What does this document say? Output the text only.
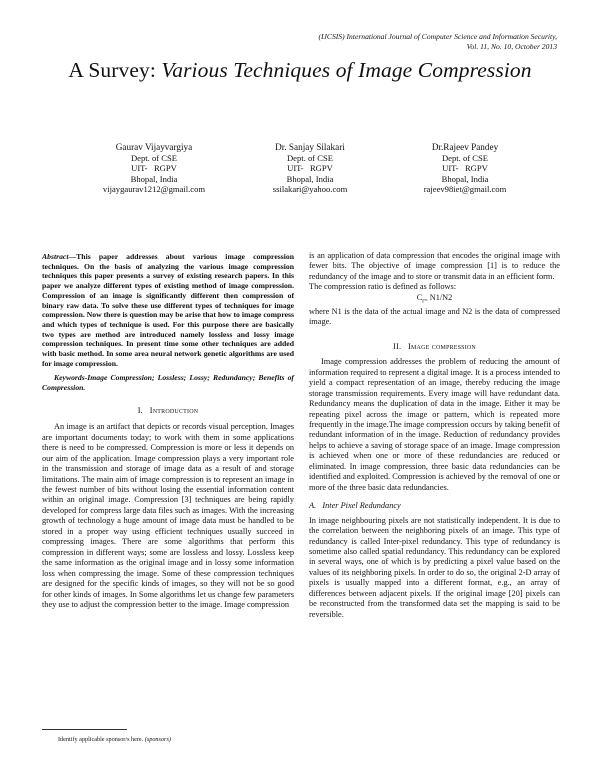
(IJCSIS) International Journal of Computer Science and Information Security,
Vol. 11, No. 10, October 2013
A Survey: Various Techniques of Image Compression
Gaurav Vijayvargiya
Dept. of CSE
UIT-   RGPV
Bhopal, India
vijaygaurav1212@gmail.com
Dr. Sanjay Silakari
Dept. of CSE
UIT-   RGPV
Bhopal, India
ssilakari@yahoo.com
Dr.Rajeev Pandey
Dept. of CSE
UIT-   RGPV
Bhopal, India
rajeev98iet@gmail.com

Abstract—This paper addresses about various image compression techniques. On the basis of analyzing the various image compression techniques this paper presents a survey of existing research papers. In this paper we analyze different types of existing method of image compression. Compression of an image is significantly different then compression of binary raw data. To solve these use different types of techniques for image compression. Now there is question may be arise that how to image compress and which types of technique is used. For this purpose there are basically two types are method are introduced namely lossless and lossy image compression techniques. In present time some other techniques are added with basic method. In some area neural network genetic algorithms are used for image compression.

Keywords-Image Compression; Lossless; Lossy; Redundancy; Benefits of Compression.

I. Introduction

An image is an artifact that depicts or records visual perception. Images are important documents today; to work with them in some applications there is need to be compressed. Compression is more or less it depends on our aim of the application. Image compression plays a very important role in the transmission and storage of image data as a result of and storage limitations. The main aim of image compression is to represent an image in the fewest number of bits without losing the essential information content within an original image. Compression [3] techniques are being rapidly developed for compress large data files such as images. With the increasing growth of technology a huge amount of image data must be handled to be stored in a proper way using efficient techniques usually succeed in compressing images. There are some algorithms that perform this compression in different ways; some are lossless and lossy. Lossless keep the same information as the original image and in lossy some information loss when compressing the image. Some of these compression techniques are designed for the specific kinds of images, so they will not be so good for other kinds of images. In Some algorithms let us change few parameters they use to adjust the compression better to the image. Image compression

Identify applicable sponsor/s here. (sponsors)

is an application of data compression that encodes the original image with fewer bits. The objective of image compression [1] is to reduce the redundancy of the image and to store or transmit data in an efficient form.

The compression ratio is defined as follows:

$C_{r=}$ N1/N2

where N1 is the data of the actual image and N2 is the data of compressed image.

II. Image compression

Image compression addresses the problem of reducing the amount of information required to represent a digital image. It is a process intended to yield a compact representation of an image, thereby reducing the image storage transmission requirements. Every image will have redundant data. Redundancy means the duplication of data in the image. Either it may be repeating pixel across the image or pattern, which is repeated more frequently in the image.The image compression occurs by taking benefit of redundant information of in the image. Reduction of redundancy provides helps to achieve a saving of storage space of an image. Image compression is achieved when one or more of these redundancies are reduced or eliminated. In image compression, three basic data redundancies can be identified and exploited. Compression is achieved by the removal of one or more of the three basic data redundancies.

A. Inter Pixel Redundancy

In image neighbouring pixels are not statistically independent. It is due to the correlation between the neighboring pixels of an image. This type of redundancy is called Inter-pixel redundancy. This type of redundancy is sometime also called spatial redundancy. This redundancy can be explored in several ways, one of which is by predicting a pixel value based on the values of its neighboring pixels. In order to do so, the original 2-D array of pixels is usually mapped into a different format, e.g., an array of differences between adjacent pixels. If the original image [20] pixels can be reconstructed from the transformed data set the mapping is said to be reversible.
